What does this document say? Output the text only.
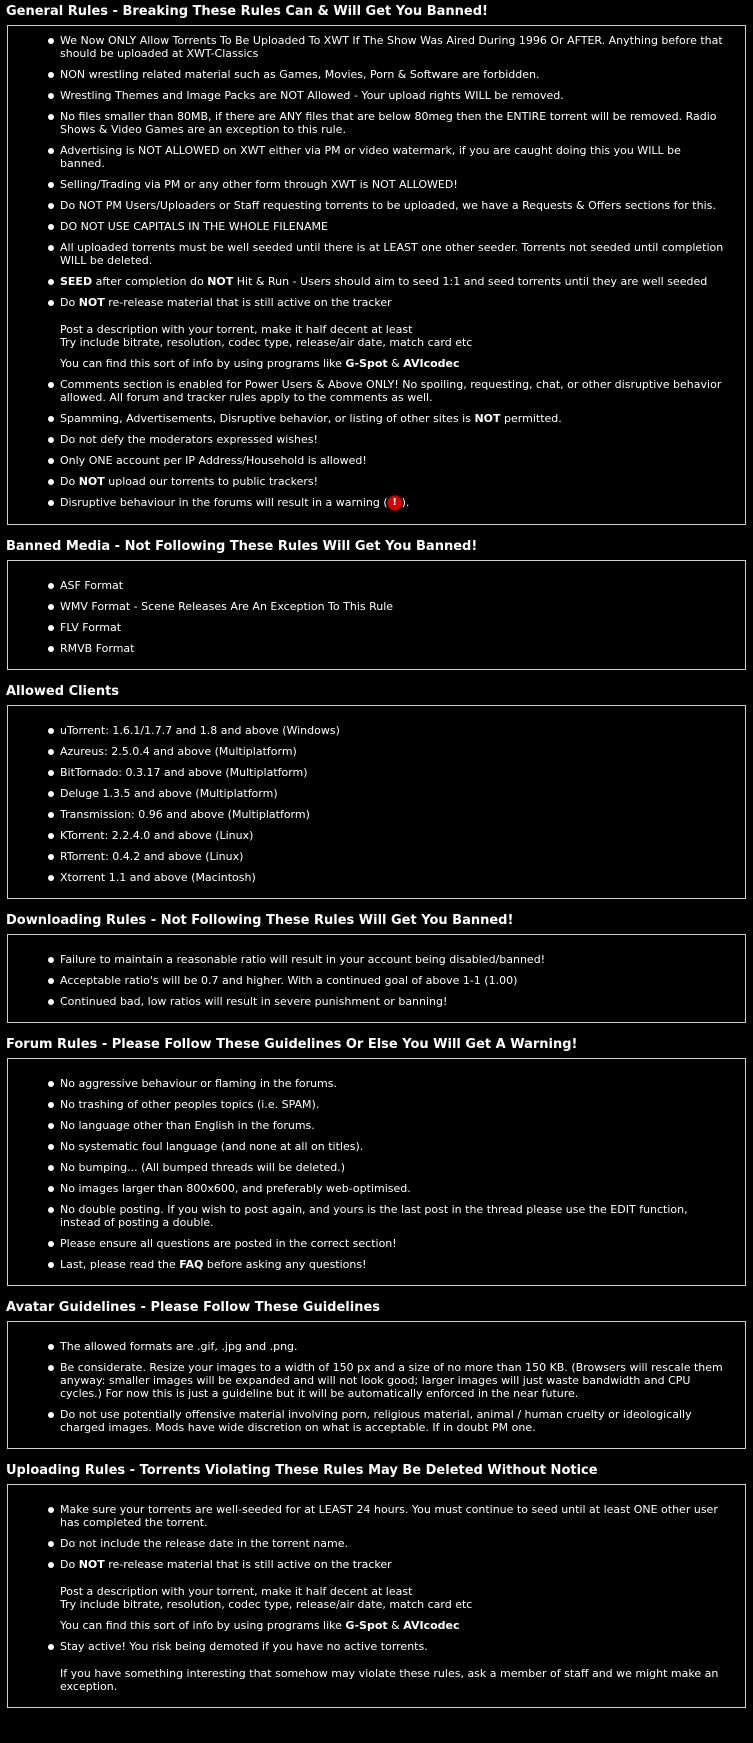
General Rules - Breaking These Rules Can & Will Get You Banned!
We Now ONLY Allow Torrents To Be Uploaded To XWT If The Show Was Aired During 1996 Or AFTER. Anything before that should be uploaded at XWT-Classics
NON wrestling related material such as Games, Movies, Porn & Software are forbidden.
Wrestling Themes and Image Packs are NOT Allowed - Your upload rights WILL be removed.
No files smaller than 80MB, if there are ANY files that are below 80meg then the ENTIRE torrent will be removed. Radio Shows & Video Games are an exception to this rule.
Advertising is NOT ALLOWED on XWT either via PM or video watermark, if you are caught doing this you WILL be banned.
Selling/Trading via PM or any other form through XWT is NOT ALLOWED!
Do NOT PM Users/Uploaders or Staff requesting torrents to be uploaded, we have a Requests & Offers sections for this.
DO NOT USE CAPITALS IN THE WHOLE FILENAME
All uploaded torrents must be well seeded until there is at LEAST one other seeder. Torrents not seeded until completion WILL be deleted.
SEED after completion do NOT Hit & Run - Users should aim to seed 1:1 and seed torrents until they are well seeded
Do NOT re-release material that is still active on the tracker
Post a description with your torrent, make it half decent at least
Try include bitrate, resolution, codec type, release/air date, match card etc
You can find this sort of info by using programs like G-Spot & AVIcodec
Comments section is enabled for Power Users & Above ONLY! No spoiling, requesting, chat, or other disruptive behavior allowed. All forum and tracker rules apply to the comments as well.
Spamming, Advertisements, Disruptive behavior, or listing of other sites is NOT permitted.
Do not defy the moderators expressed wishes!
Only ONE account per IP Address/Household is allowed!
Do NOT upload our torrents to public trackers!
Disruptive behaviour in the forums will result in a warning ( ! ).
Banned Media - Not Following These Rules Will Get You Banned!
ASF Format
WMV Format - Scene Releases Are An Exception To This Rule
FLV Format
RMVB Format
Allowed Clients
uTorrent: 1.6.1/1.7.7 and 1.8 and above (Windows)
Azureus: 2.5.0.4 and above (Multiplatform)
BitTornado: 0.3.17 and above (Multiplatform)
Deluge 1.3.5 and above (Multiplatform)
Transmission: 0.96 and above (Multiplatform)
KTorrent: 2.2.4.0 and above (Linux)
RTorrent: 0.4.2 and above (Linux)
Xtorrent 1.1 and above (Macintosh)
Downloading Rules - Not Following These Rules Will Get You Banned!
Failure to maintain a reasonable ratio will result in your account being disabled/banned!
Acceptable ratio's will be 0.7 and higher. With a continued goal of above 1-1 (1.00)
Continued bad, low ratios will result in severe punishment or banning!
Forum Rules - Please Follow These Guidelines Or Else You Will Get A Warning!
No aggressive behaviour or flaming in the forums.
No trashing of other peoples topics (i.e. SPAM).
No language other than English in the forums.
No systematic foul language (and none at all on titles).
No bumping... (All bumped threads will be deleted.)
No images larger than 800x600, and preferably web-optimised.
No double posting. If you wish to post again, and yours is the last post in the thread please use the EDIT function, instead of posting a double.
Please ensure all questions are posted in the correct section!
Last, please read the FAQ before asking any questions!
Avatar Guidelines - Please Follow These Guidelines
The allowed formats are .gif, .jpg and .png.
Be considerate. Resize your images to a width of 150 px and a size of no more than 150 KB. (Browsers will rescale them anyway: smaller images will be expanded and will not look good; larger images will just waste bandwidth and CPU cycles.) For now this is just a guideline but it will be automatically enforced in the near future.
Do not use potentially offensive material involving porn, religious material, animal / human cruelty or ideologically charged images. Mods have wide discretion on what is acceptable. If in doubt PM one.
Uploading Rules - Torrents Violating These Rules May Be Deleted Without Notice
Make sure your torrents are well-seeded for at LEAST 24 hours. You must continue to seed until at least ONE other user has completed the torrent.
Do not include the release date in the torrent name.
Do NOT re-release material that is still active on the tracker
Post a description with your torrent, make it half decent at least
Try include bitrate, resolution, codec type, release/air date, match card etc
You can find this sort of info by using programs like G-Spot & AVIcodec
Stay active! You risk being demoted if you have no active torrents.
If you have something interesting that somehow may violate these rules, ask a member of staff and we might make an exception.
